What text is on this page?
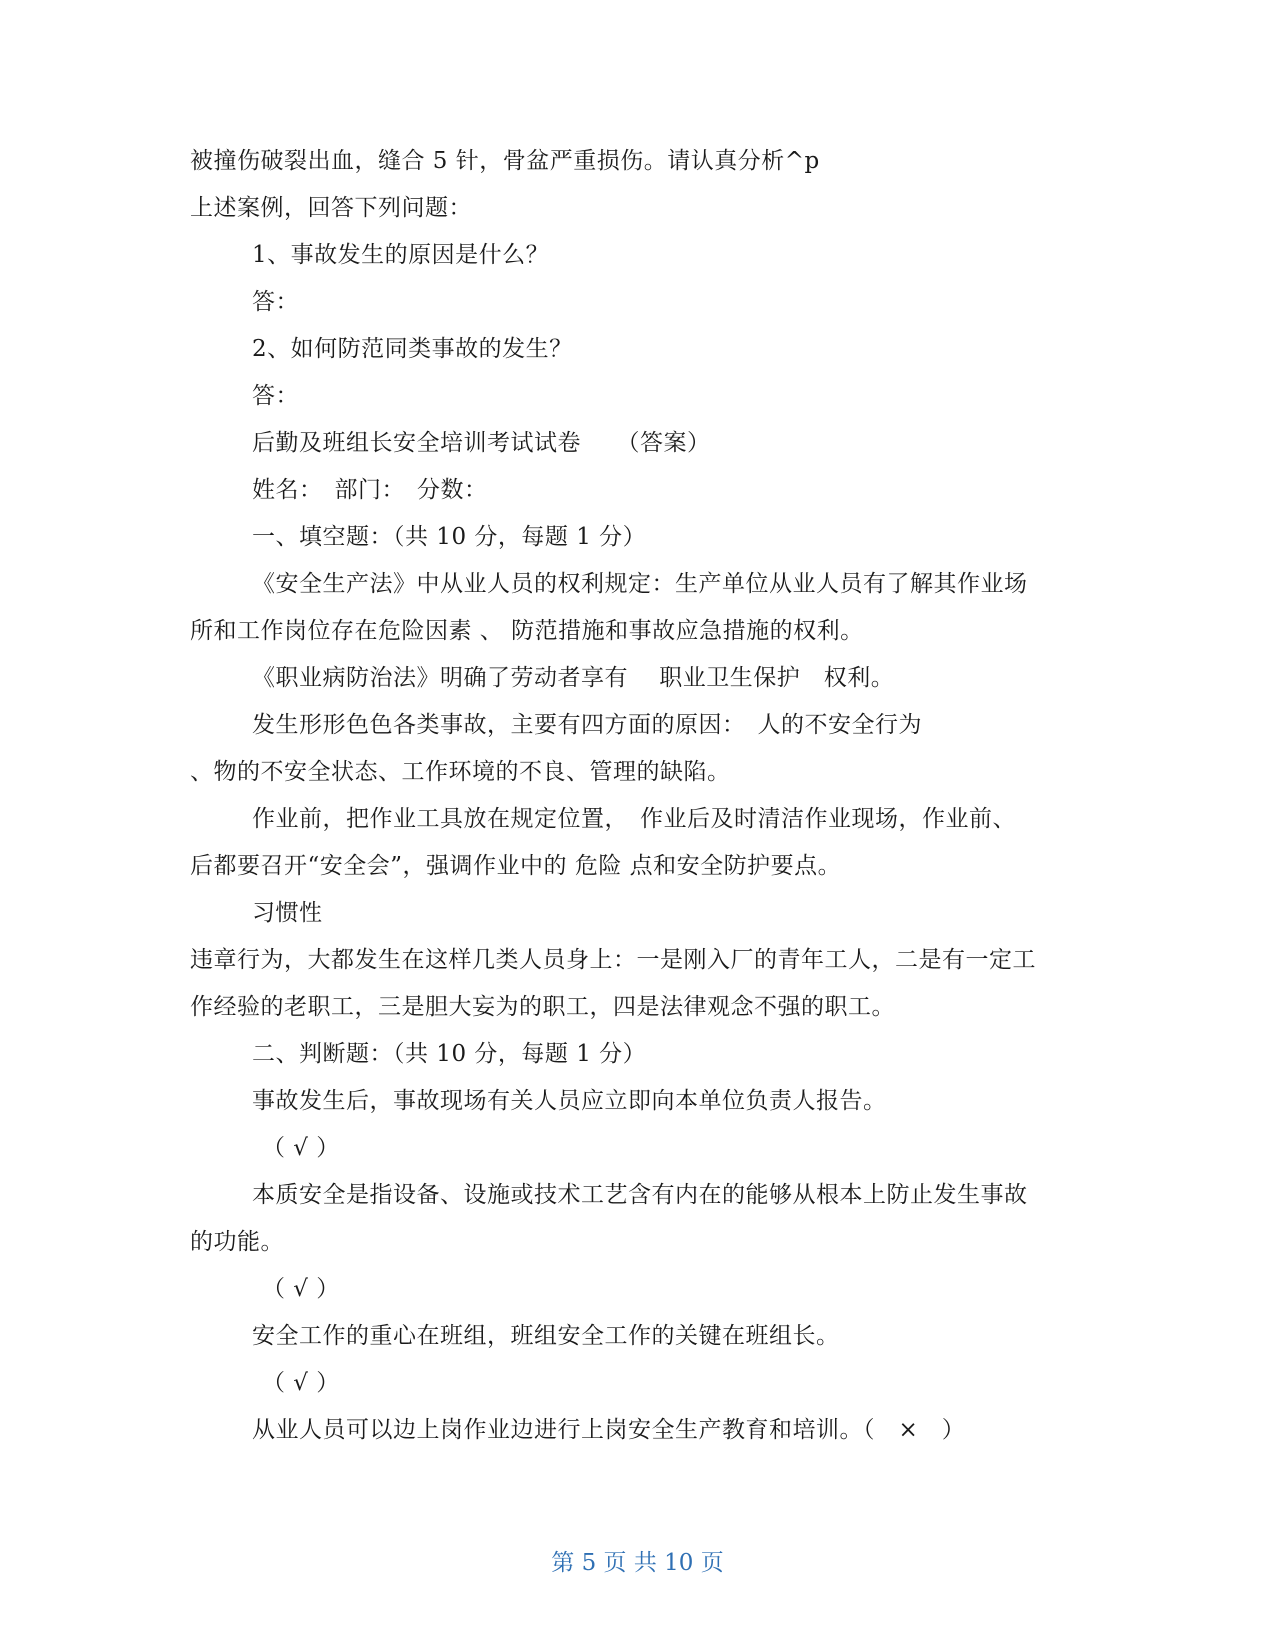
被撞伤破裂出血，缝合 5 针，骨盆严重损伤。请认真分析^p
上述案例，回答下列问题：
1、事故发生的原因是什么？
答：
2、如何防范同类事故的发生？
答：
后勤及班组长安全培训考试试卷　　（答案）
姓名：　部门：　分数：
一、填空题：（共 10 分，每题 1 分）
《安全生产法》中从业人员的权利规定：生产单位从业人员有了解其作业场
所和工作岗位存在危险因素 、 防范措施和事故应急措施的权利。
《职业病防治法》明确了劳动者享有　 职业卫生保护　权利。
发生形形色色各类事故，主要有四方面的原因：　人的不安全行为
、物的不安全状态、工作环境的不良、管理的缺陷。
作业前，把作业工具放在规定位置，　作业后及时清洁作业现场，作业前、
后都要召开“安全会”，强调作业中的 危险 点和安全防护要点。
习惯性
违章行为，大都发生在这样几类人员身上：一是刚入厂的青年工人，二是有一定工
作经验的老职工，三是胆大妄为的职工，四是法律观念不强的职工。
二、判断题：（共 10 分，每题 1 分）
事故发生后，事故现场有关人员应立即向本单位负责人报告。
（ √ ）
本质安全是指设备、设施或技术工艺含有内在的能够从根本上防止发生事故
的功能。
（ √ ）
安全工作的重心在班组，班组安全工作的关键在班组长。
（ √ ）
从业人员可以边上岗作业边进行上岗安全生产教育和培训。（　×　）
第 5 页 共 10 页
